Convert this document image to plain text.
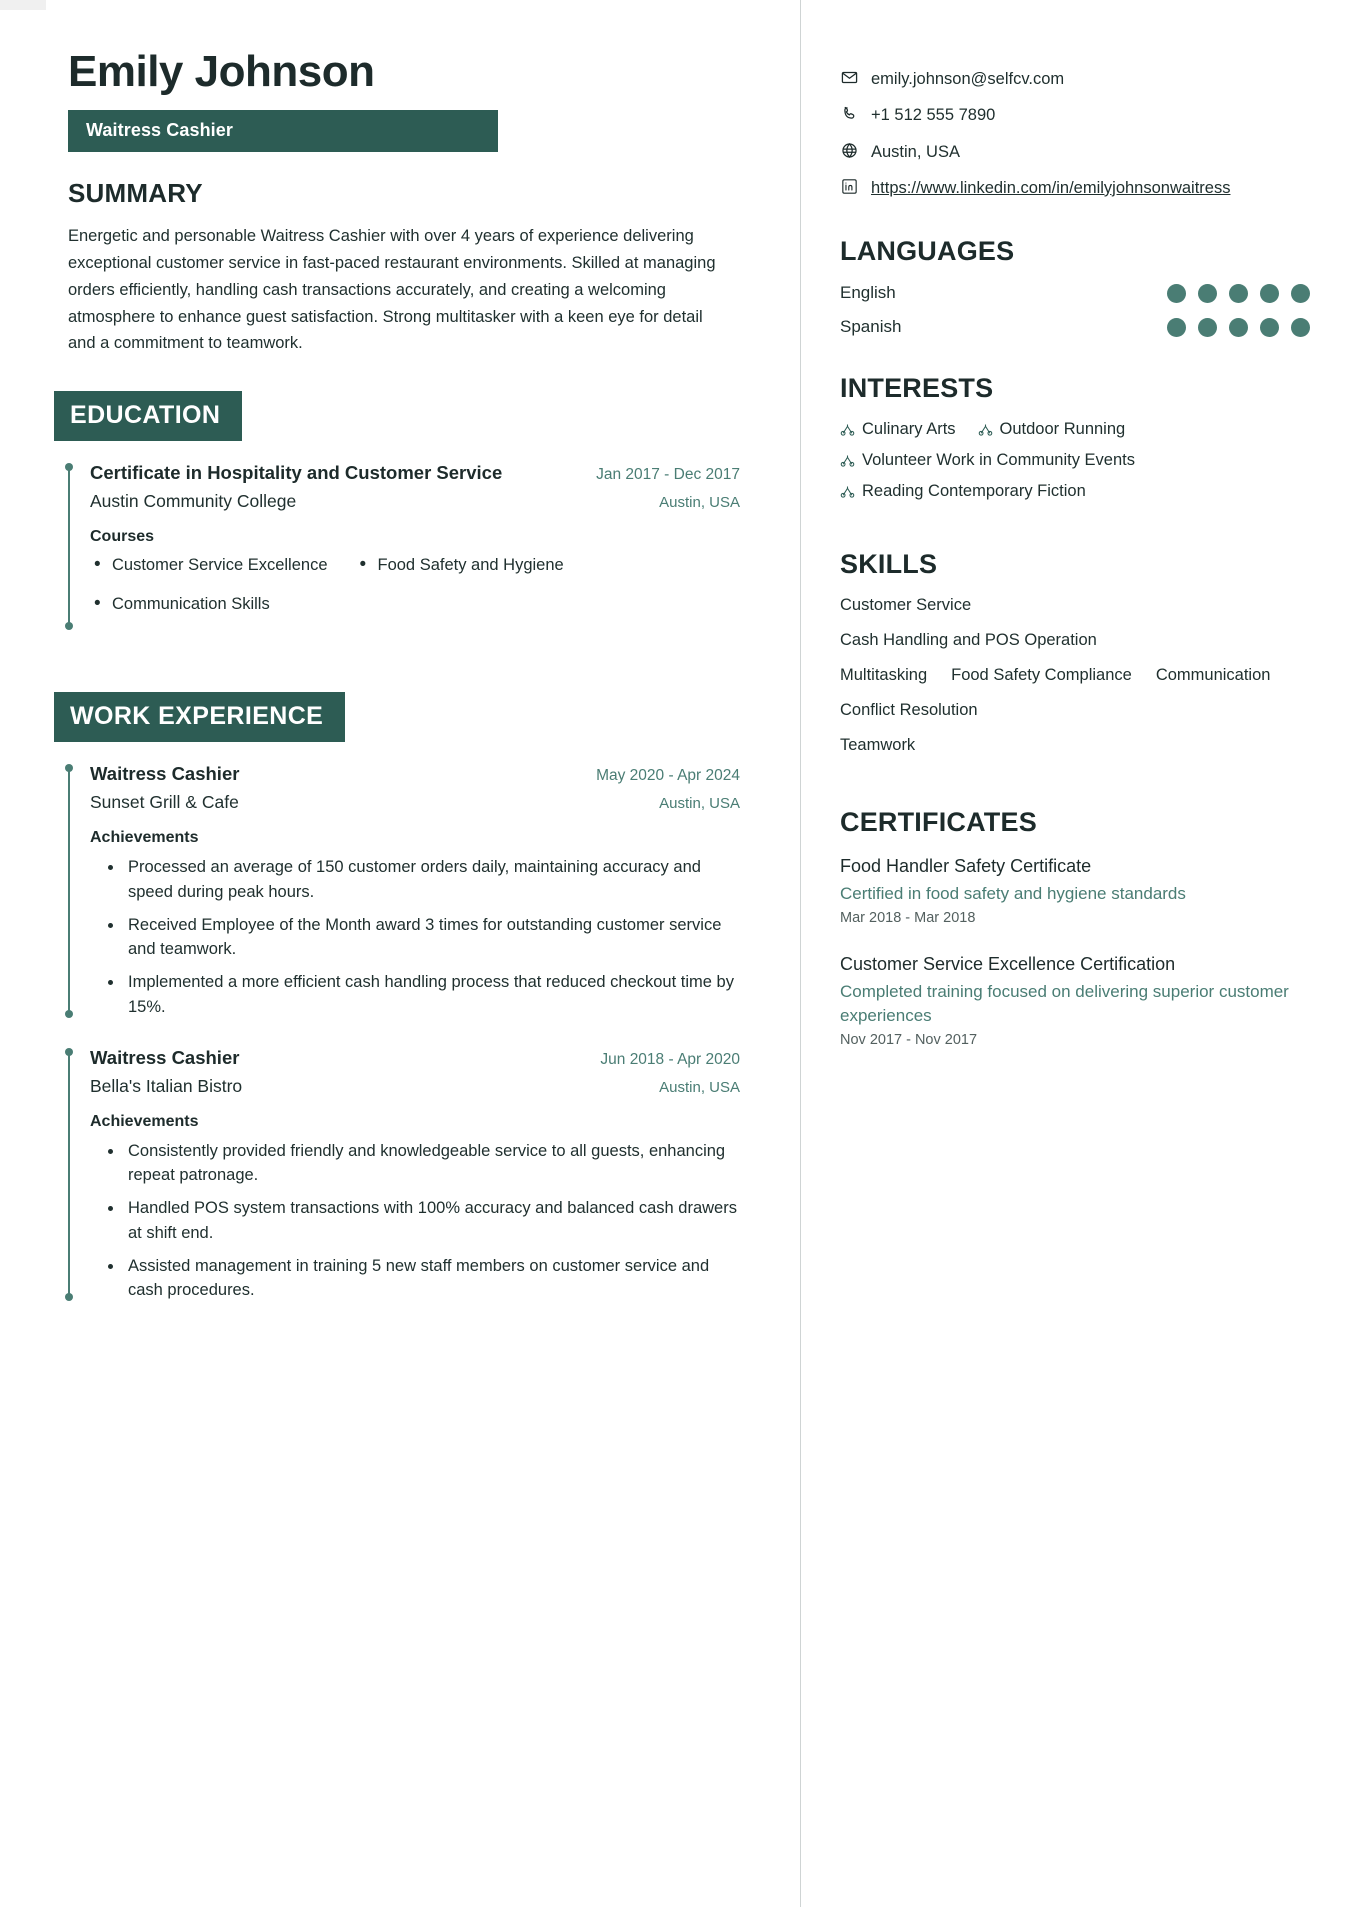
Emily Johnson
Waitress Cashier
SUMMARY
Energetic and personable Waitress Cashier with over 4 years of experience delivering exceptional customer service in fast-paced restaurant environments. Skilled at managing orders efficiently, handling cash transactions accurately, and creating a welcoming atmosphere to enhance guest satisfaction. Strong multitasker with a keen eye for detail and a commitment to teamwork.
EDUCATION
Certificate in Hospitality and Customer Service	Jan 2017 - Dec 2017
Austin Community College	Austin, USA
Courses
• Customer Service Excellence	• Food Safety and Hygiene
• Communication Skills
WORK EXPERIENCE
Waitress Cashier	May 2020 - Apr 2024
Sunset Grill & Cafe	Austin, USA
Achievements
• Processed an average of 150 customer orders daily, maintaining accuracy and speed during peak hours.
• Received Employee of the Month award 3 times for outstanding customer service and teamwork.
• Implemented a more efficient cash handling process that reduced checkout time by 15%.
Waitress Cashier	Jun 2018 - Apr 2020
Bella's Italian Bistro	Austin, USA
Achievements
• Consistently provided friendly and knowledgeable service to all guests, enhancing repeat patronage.
• Handled POS system transactions with 100% accuracy and balanced cash drawers at shift end.
• Assisted management in training 5 new staff members on customer service and cash procedures.
emily.johnson@selfcv.com
+1 512 555 7890
Austin, USA
https://www.linkedin.com/in/emilyjohnsonwaitress
LANGUAGES
English
Spanish
INTERESTS
Culinary Arts	Outdoor Running
Volunteer Work in Community Events
Reading Contemporary Fiction
SKILLS
Customer Service
Cash Handling and POS Operation
Multitasking Food Safety Compliance Communication
Conflict Resolution
Teamwork
CERTIFICATES
Food Handler Safety Certificate
Certified in food safety and hygiene standards
Mar 2018 - Mar 2018
Customer Service Excellence Certification
Completed training focused on delivering superior customer experiences
Nov 2017 - Nov 2017
